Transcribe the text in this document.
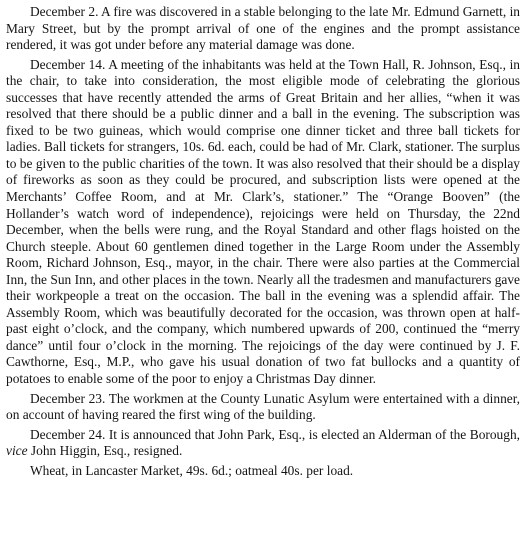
December 2. A fire was discovered in a stable belonging to the late Mr. Edmund Garnett, in Mary Street, but by the prompt arrival of one of the engines and the prompt assistance rendered, it was got under before any material damage was done.

December 14. A meeting of the inhabitants was held at the Town Hall, R. Johnson, Esq., in the chair, to take into consideration, the most eligible mode of celebrating the glorious successes that have recently attended the arms of Great Britain and her allies, “when it was resolved that there should be a public dinner and a ball in the evening. The subscription was fixed to be two guineas, which would comprise one dinner ticket and three ball tickets for ladies. Ball tickets for strangers, 10s. 6d. each, could be had of Mr. Clark, stationer. The surplus to be given to the public charities of the town. It was also resolved that their should be a display of fireworks as soon as they could be procured, and subscription lists were opened at the Merchants’ Coffee Room, and at Mr. Clark’s, stationer.” The “Orange Booven” (the Hollander’s watch word of independence), rejoicings were held on Thursday, the 22nd December, when the bells were rung, and the Royal Standard and other flags hoisted on the Church steeple. About 60 gentlemen dined together in the Large Room under the Assembly Room, Richard Johnson, Esq., mayor, in the chair. There were also parties at the Commercial Inn, the Sun Inn, and other places in the town. Nearly all the tradesmen and manufacturers gave their workpeople a treat on the occasion. The ball in the evening was a splendid affair. The Assembly Room, which was beautifully decorated for the occasion, was thrown open at half-past eight o’clock, and the company, which numbered upwards of 200, continued the “merry dance” until four o’clock in the morning. The rejoicings of the day were continued by J. F. Cawthorne, Esq., M.P., who gave his usual donation of two fat bullocks and a quantity of potatoes to enable some of the poor to enjoy a Christmas Day dinner.

December 23. The workmen at the County Lunatic Asylum were entertained with a dinner, on account of having reared the first wing of the building.

December 24. It is announced that John Park, Esq., is elected an Alderman of the Borough, vice John Higgin, Esq., resigned.

Wheat, in Lancaster Market, 49s. 6d.; oatmeal 40s. per load.
